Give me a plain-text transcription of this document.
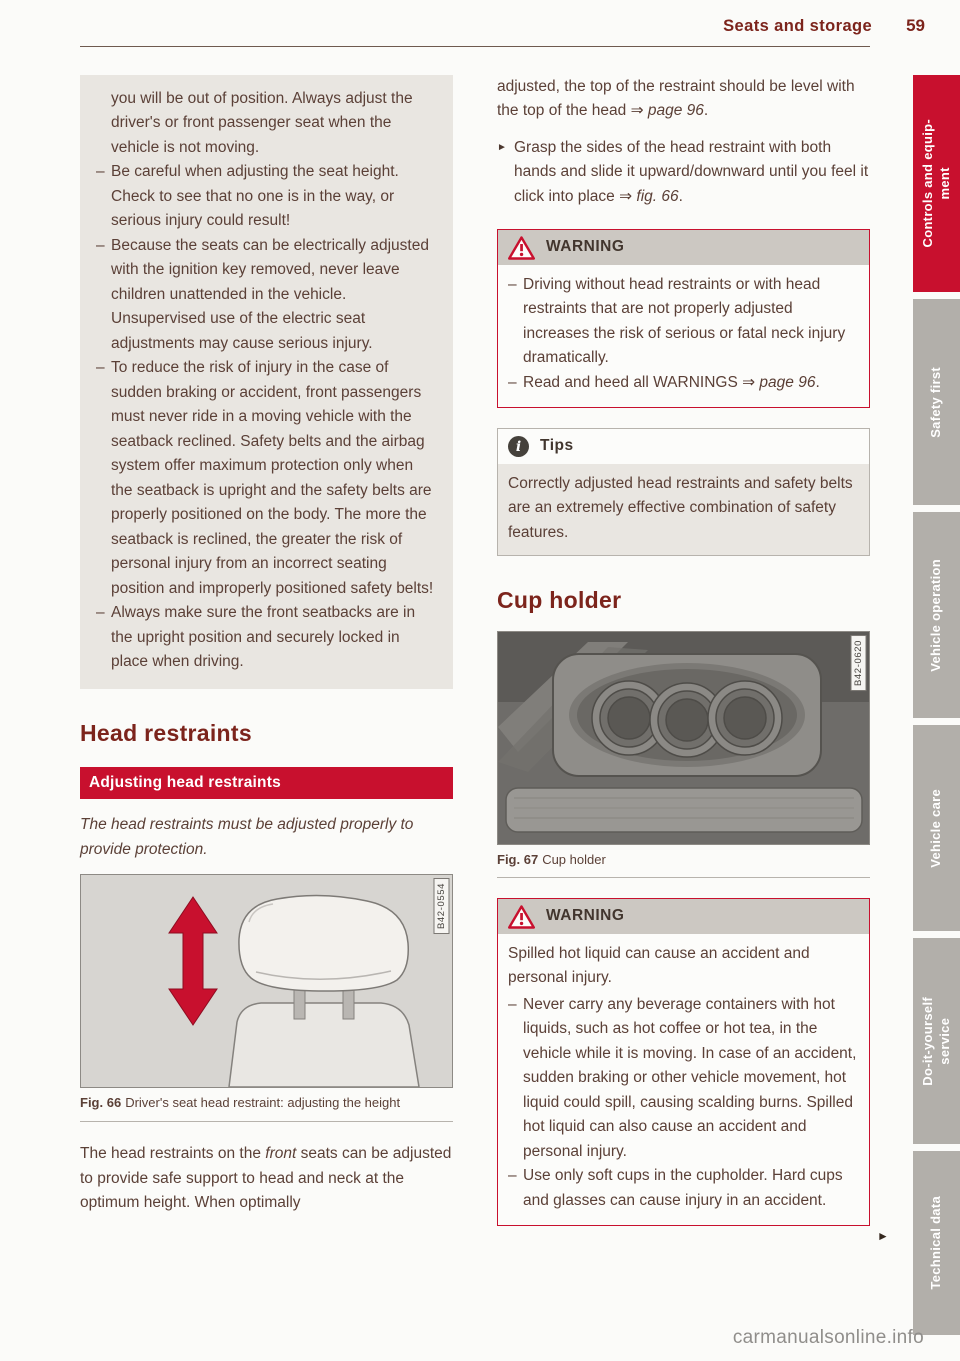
Seats and storage 59
Controls and equip- ment
Safety first
Vehicle operation
Vehicle care
Do-it-yourself service
Technical data

you will be out of position. Always adjust the driver's or front passenger seat when the vehicle is not moving.

– Be careful when adjusting the seat height. Check to see that no one is in the way, or serious injury could result!

– Because the seats can be electrically adjusted with the ignition key removed, never leave children unattended in the vehicle. Unsupervised use of the electric seat adjustments may cause serious injury.

– To reduce the risk of injury in the case of sudden braking or accident, front passengers must never ride in a moving vehicle with the seatback reclined. Safety belts and the airbag system offer maximum protection only when the seatback is upright and the safety belts are properly positioned on the body. The more the seatback is reclined, the greater the risk of personal injury from an incorrect seating position and improperly positioned safety belts!

– Always make sure the front seatbacks are in the upright position and securely locked in place when driving.

Head restraints
Adjusting head restraints

The head restraints must be adjusted properly to provide protection.

B42-0554
Fig. 66 Driver's seat head restraint: adjusting the height

The head restraints on the front seats can be adjusted to provide safe support to head and neck at the optimum height. When optimally

adjusted, the top of the restraint should be level with the top of the head ⇒ page 96.

► Grasp the sides of the head restraint with both hands and slide it upward/downward until you feel it click into place ⇒ fig. 66.

WARNING
– Driving without head restraints or with head restraints that are not properly adjusted increases the risk of serious or fatal neck injury dramatically.

– Read and heed all WARNINGS ⇒ page 96.

i	Tips
Correctly adjusted head restraints and safety belts are an extremely effective combination of safety features.
Cup holder
B42-0620
Fig. 67 Cup holder
WARNING

Spilled hot liquid can cause an accident and personal injury.

– Never carry any beverage containers with hot liquids, such as hot coffee or hot tea, in the vehicle while it is moving. In case of an accident, sudden braking or other vehicle movement, hot liquid could spill, causing scalding burns. Spilled hot liquid can also cause an accident and personal injury.

– Use only soft cups in the cupholder. Hard cups and glasses can cause injury in an accident.

►
carmanualsonline.info
